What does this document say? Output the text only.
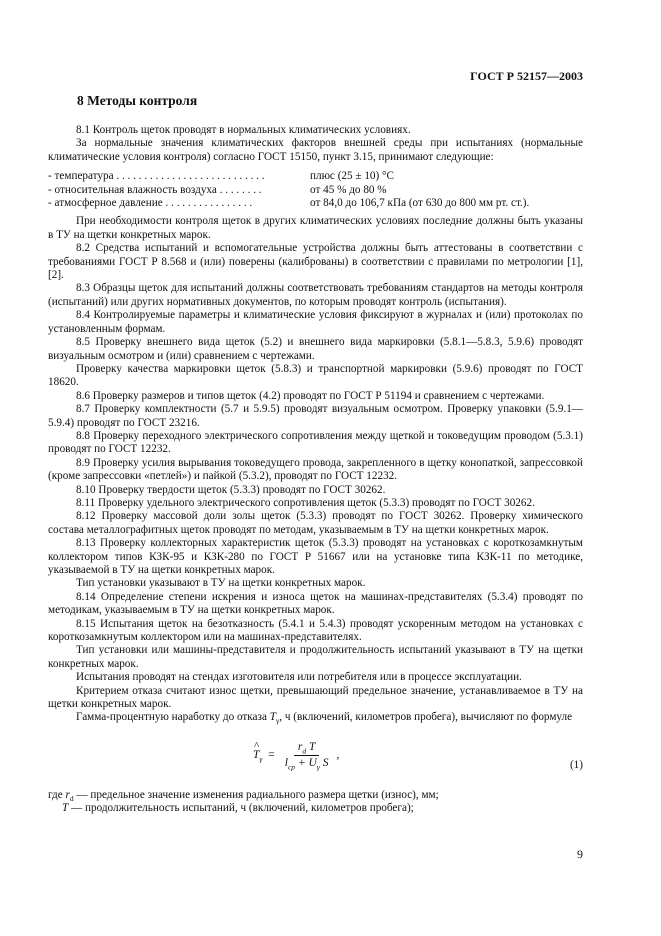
ГОСТ Р 52157—2003
8 Методы контроля

8.1 Контроль щеток проводят в нормальных климатических условиях.

За нормальные значения климатических факторов внешней среды при испытаниях (нормальные климатические условия контроля) согласно ГОСТ 15150, пункт 3.15, принимают следующие:

- температура . . . . . . . . . . . . . . . . . . . . . . . . . . .	плюс (25 ± 10) °С
- относительная влажность воздуха . . . . . . . .	от 45 % до 80 %
- атмосферное давление . . . . . . . . . . . . . . . .	от 84,0 до 106,7 кПа (от 630 до 800 мм рт. ст.).

При необходимости контроля щеток в других климатических условиях последние должны быть указаны в ТУ на щетки конкретных марок.

8.2 Средства испытаний и вспомогательные устройства должны быть аттестованы в соответствии с требованиями ГОСТ Р 8.568 и (или) поверены (калиброваны) в соответствии с правилами по метрологии [1], [2].

8.3 Образцы щеток для испытаний должны соответствовать требованиям стандартов на методы контроля (испытаний) или других нормативных документов, по которым проводят контроль (испытания).

8.4 Контролируемые параметры и климатические условия фиксируют в журналах и (или) протоколах по установленным формам.

8.5 Проверку внешнего вида щеток (5.2) и внешнего вида маркировки (5.8.1—5.8.3, 5.9.6) проводят визуальным осмотром и (или) сравнением с чертежами.

Проверку качества маркировки щеток (5.8.3) и транспортной маркировки (5.9.6) проводят по ГОСТ 18620.

8.6 Проверку размеров и типов щеток (4.2) проводят по ГОСТ Р 51194 и сравнением с чертежами.

8.7 Проверку комплектности (5.7 и 5.9.5) проводят визуальным осмотром. Проверку упаковки (5.9.1—5.9.4) проводят по ГОСТ 23216.

8.8 Проверку переходного электрического сопротивления между щеткой и токоведущим проводом (5.3.1) проводят по ГОСТ 12232.

8.9 Проверку усилия вырывания токоведущего провода, закрепленного в щетку конопаткой, запрессовкой (кроме запрессовки «петлей») и пайкой (5.3.2), проводят по ГОСТ 12232.

8.10 Проверку твердости щеток (5.3.3) проводят по ГОСТ 30262.

8.11 Проверку удельного электрического сопротивления щеток (5.3.3) проводят по ГОСТ 30262.

8.12 Проверку массовой доли золы щеток (5.3.3) проводят по ГОСТ 30262. Проверку химического состава металлографитных щеток проводят по методам, указываемым в ТУ на щетки конкретных марок.

8.13 Проверку коллекторных характеристик щеток (5.3.3) проводят на установках с короткозамкнутым коллектором типов КЗК-95 и КЗК-280 по ГОСТ Р 51667 или на установке типа КЗК-11 по методике, указываемой в ТУ на щетки конкретных марок.

Тип установки указывают в ТУ на щетки конкретных марок.

8.14 Определение степени искрения и износа щеток на машинах-представителях (5.3.4) проводят по методикам, указываемым в ТУ на щетки конкретных марок.

8.15 Испытания щеток на безотказность (5.4.1 и 5.4.3) проводят ускоренным методом на установках с короткозамкнутым коллектором или на машинах-представителях.

Тип установки или машины-представителя и продолжительность испытаний указывают в ТУ на щетки конкретных марок.

Испытания проводят на стендах изготовителя или потребителя или в процессе эксплуатации.

Критерием отказа считают износ щетки, превышающий предельное значение, устанавливаемое в ТУ на щетки конкретных марок.

Гамма-процентную наработку до отказа $T_\gamma$, ч (включений, километров пробега), вычисляют по формуле

^
$T_\gamma = \frac{r_d T}{l_{ср} + U_\gamma S}$ ,
(1)

где $r_d$ — предельное значение изменения радиального размера щетки (износ), мм;

T — продолжительность испытаний, ч (включений, километров пробега);

9
